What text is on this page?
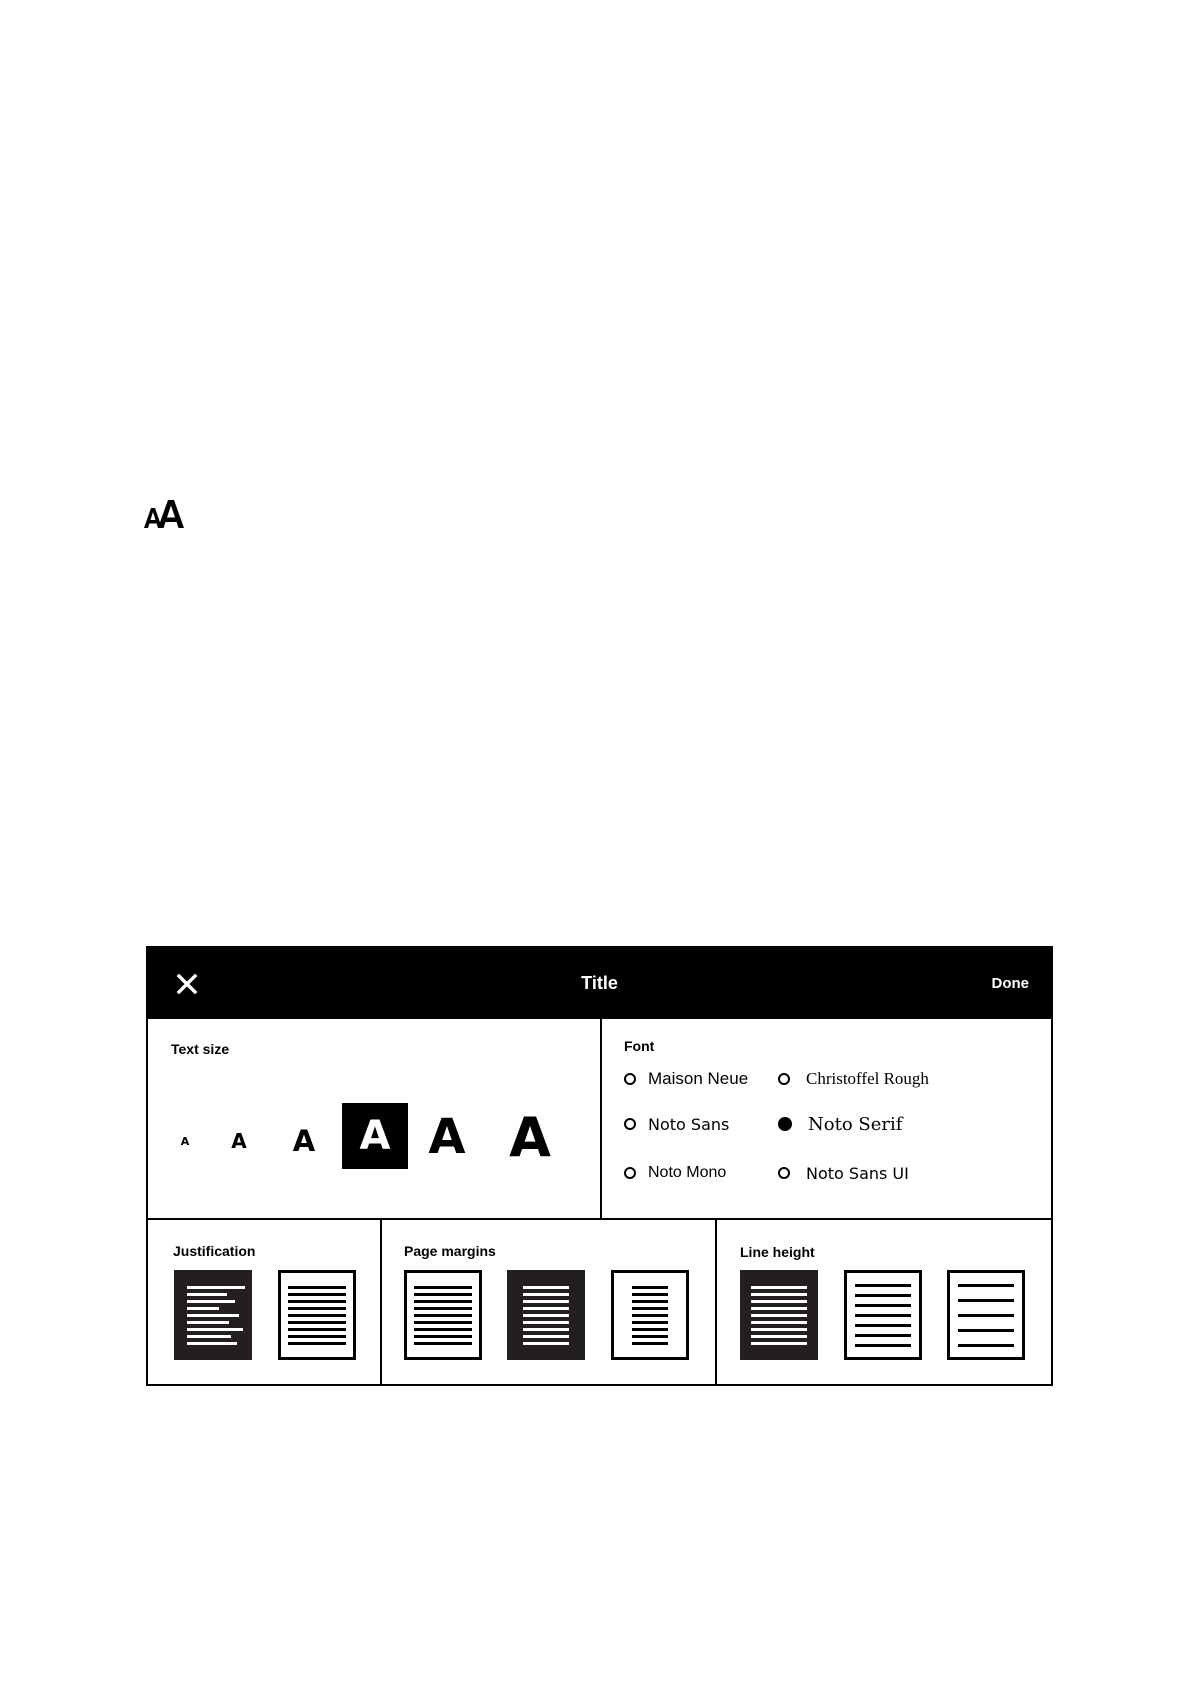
Title	Done
Text size
A A A A A A
Font
Maison Neue	Christoffel Rough
Noto Sans	Noto Serif
Noto Mono	Noto Sans UI
Justification	Page margins	Line height
